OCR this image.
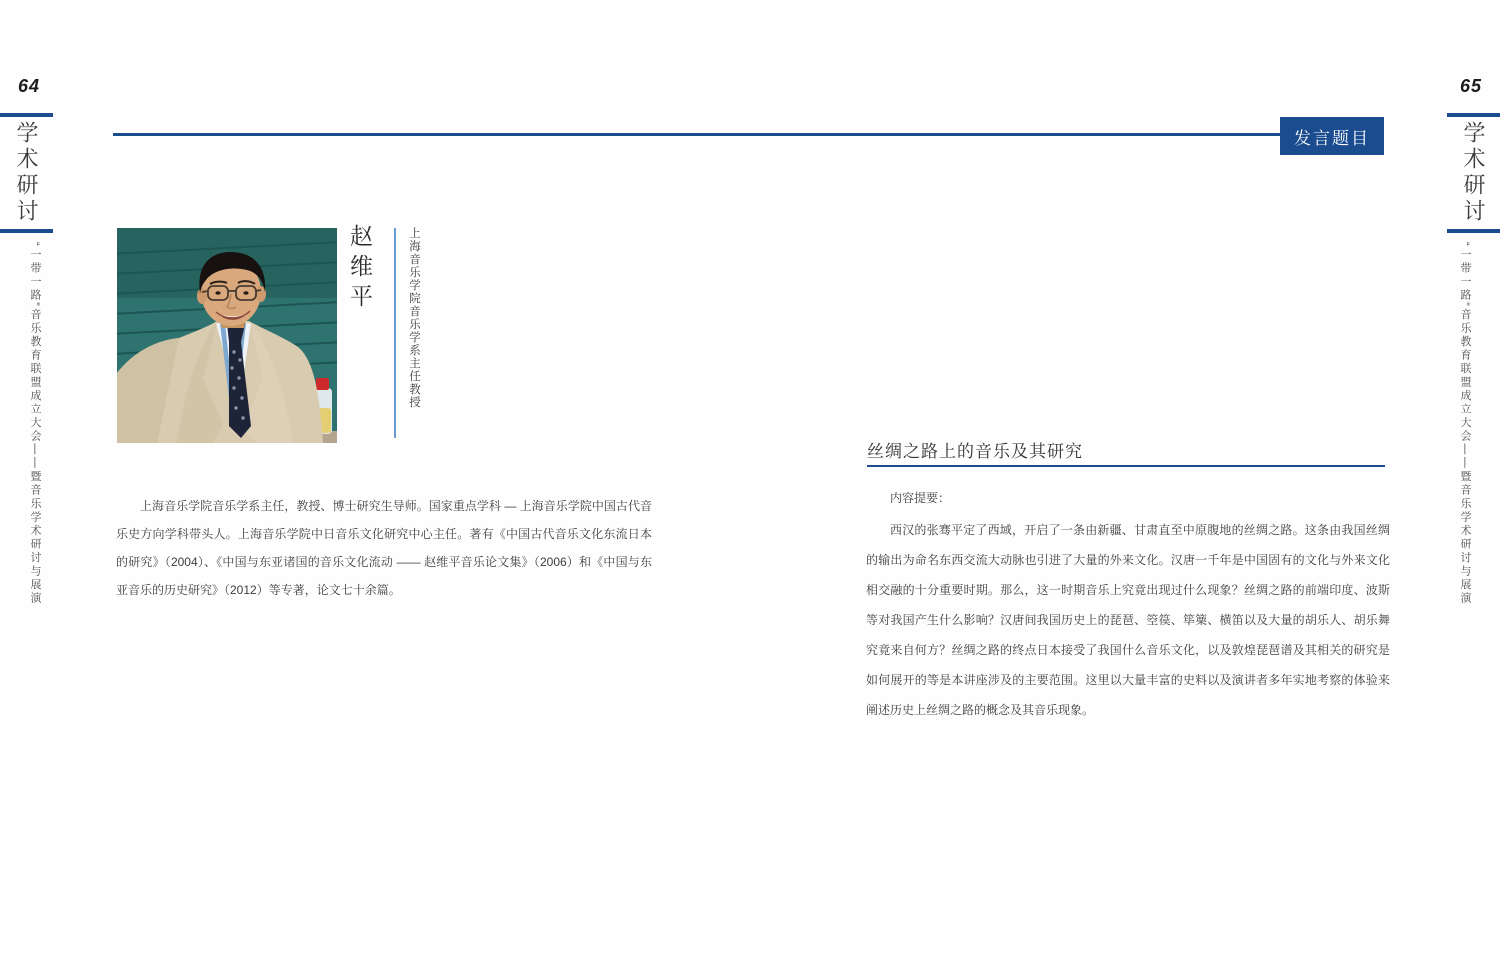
64
学术研讨
“一带一路”音乐教育联盟成立大会——暨音乐学术研讨与展演
65
学术研讨
“一带一路”音乐教育联盟成立大会——暨音乐学术研讨与展演
发言题目
赵维平	上海音乐学院音乐学系主任教授
上海音乐学院音乐学系主任，教授、博士研究生导师。国家重点学科 — 上海音乐学院中国古代音乐史方向学科带头人。上海音乐学院中日音乐文化研究中心主任。著有《中国古代音乐文化东流日本的研究》（2004）、《中国与东亚诸国的音乐文化流动 —— 赵维平音乐论文集》（2006）和《中国与东亚音乐的历史研究》（2012）等专著，论文七十余篇。
丝绸之路上的音乐及其研究
内容提要：
西汉的张骞平定了西域，开启了一条由新疆、甘肃直至中原腹地的丝绸之路。这条由我国丝绸的输出为命名东西交流大动脉也引进了大量的外来文化。汉唐一千年是中国固有的文化与外来文化相交融的十分重要时期。那么，这一时期音乐上究竟出现过什么现象？丝绸之路的前端印度、波斯等对我国产生什么影响？汉唐间我国历史上的琵琶、箜篌、筚篥、横笛以及大量的胡乐人、胡乐舞究竟来自何方？丝绸之路的终点日本接受了我国什么音乐文化，以及敦煌琵琶谱及其相关的研究是如何展开的等是本讲座涉及的主要范围。这里以大量丰富的史料以及演讲者多年实地考察的体验来阐述历史上丝绸之路的概念及其音乐现象。
